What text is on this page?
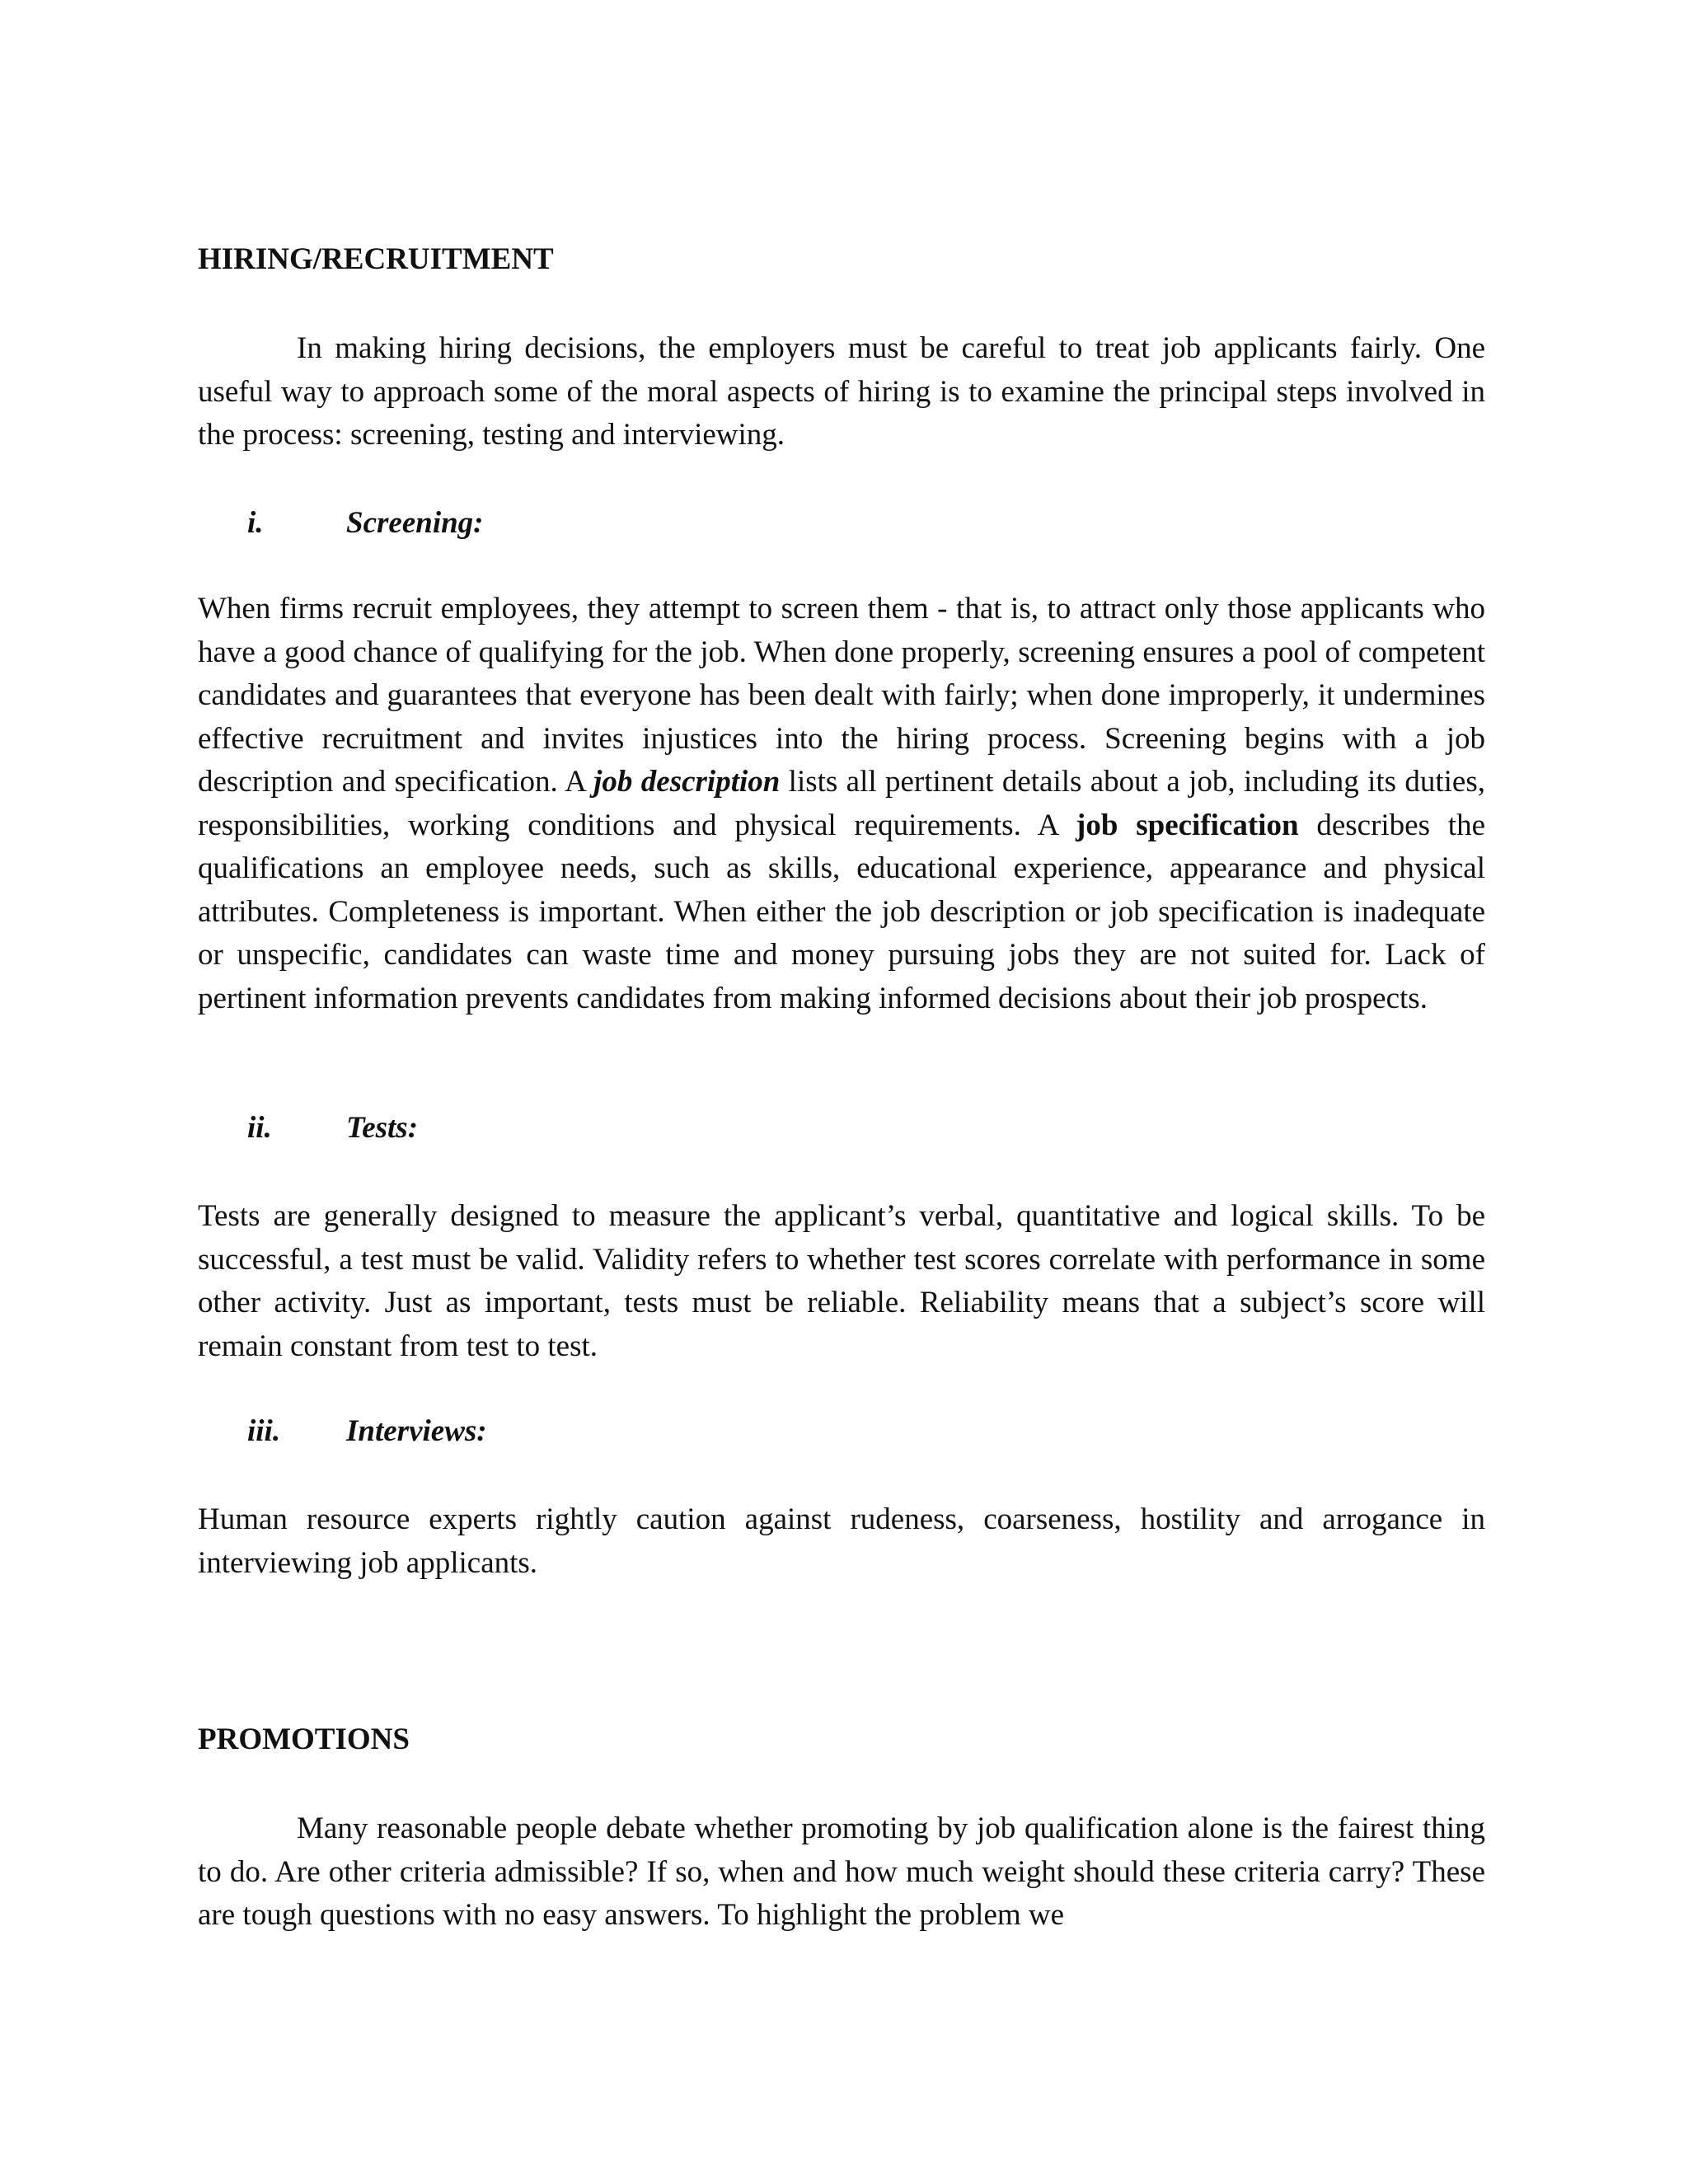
HIRING/RECRUITMENT

In making hiring decisions, the employers must be careful to treat job applicants fairly. One useful way to approach some of the moral aspects of hiring is to examine the principal steps involved in the process: screening, testing and interviewing.

i.	Screening:

When firms recruit employees, they attempt to screen them - that is, to attract only those applicants who have a good chance of qualifying for the job. When done properly, screening ensures a pool of competent candidates and guarantees that everyone has been dealt with fairly; when done improperly, it undermines effective recruitment and invites injustices into the hiring process. Screening begins with a job description and specification. A job description lists all pertinent details about a job, including its duties, responsibilities, working conditions and physical requirements. A job specification describes the qualifications an employee needs, such as skills, educational experience, appearance and physical attributes. Completeness is important. When either the job description or job specification is inadequate or unspecific, candidates can waste time and money pursuing jobs they are not suited for. Lack of pertinent information prevents candidates from making informed decisions about their job prospects.

ii. Tests:

Tests are generally designed to measure the applicant’s verbal, quantitative and logical skills. To be successful, a test must be valid. Validity refers to whether test scores correlate with performance in some other activity. Just as important, tests must be reliable. Reliability means that a subject’s score will remain constant from test to test.

iii. Interviews:

Human resource experts rightly caution against rudeness, coarseness, hostility and arrogance in interviewing job applicants.

PROMOTIONS

Many reasonable people debate whether promoting by job qualification alone is the fairest thing to do. Are other criteria admissible? If so, when and how much weight should these criteria carry? These are tough questions with no easy answers. To highlight the problem we
